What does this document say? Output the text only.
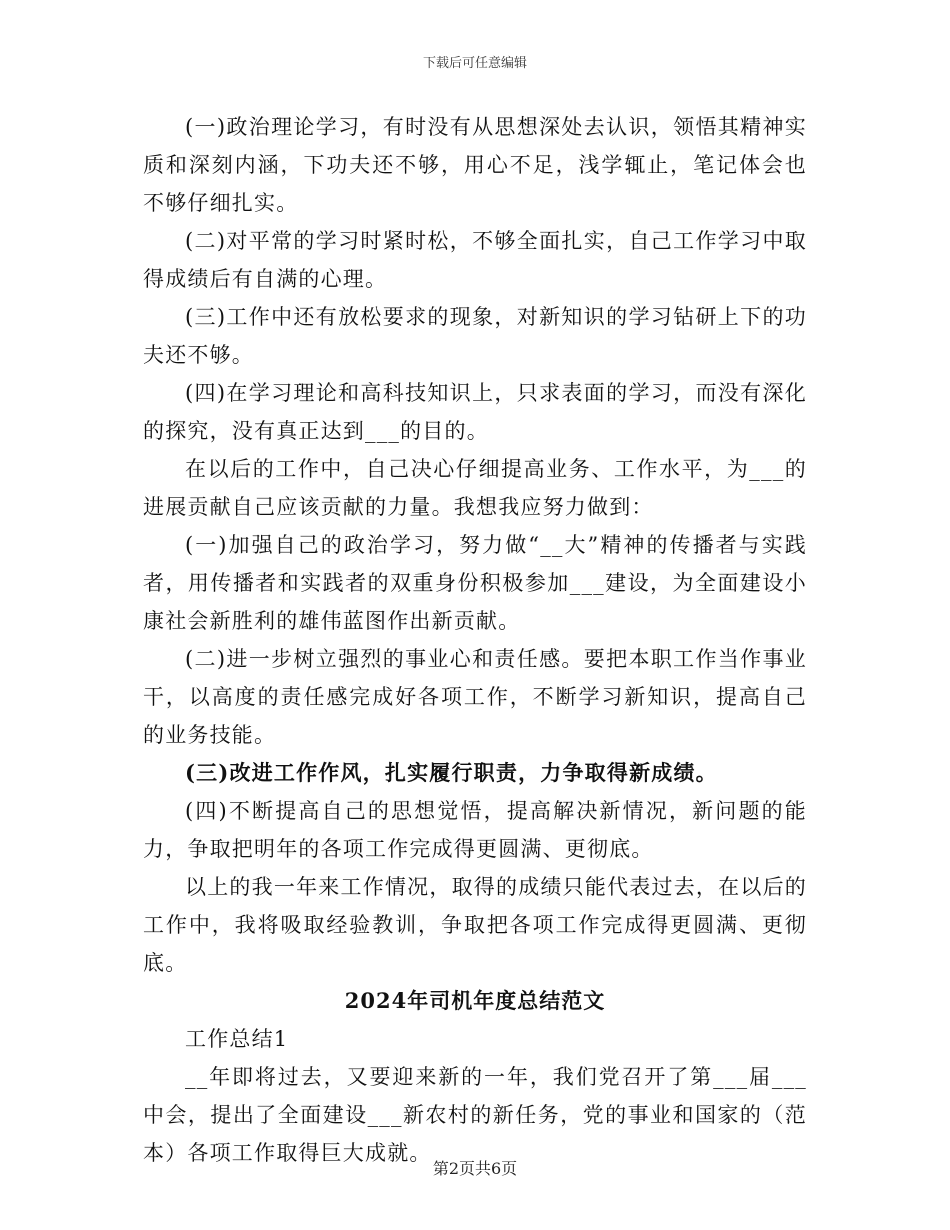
下载后可任意编辑

(一)政治理论学习，有时没有从思想深处去认识，领悟其精神实质和深刻内涵，下功夫还不够，用心不足，浅学辄止，笔记体会也不够仔细扎实。

(二)对平常的学习时紧时松，不够全面扎实，自己工作学习中取得成绩后有自满的心理。

(三)工作中还有放松要求的现象，对新知识的学习钻研上下的功夫还不够。

(四)在学习理论和高科技知识上，只求表面的学习，而没有深化的探究，没有真正达到___的目的。

在以后的工作中，自己决心仔细提高业务、工作水平，为___的进展贡献自己应该贡献的力量。我想我应努力做到：

(一)加强自己的政治学习，努力做“__大”精神的传播者与实践者，用传播者和实践者的双重身份积极参加___建设，为全面建设小康社会新胜利的雄伟蓝图作出新贡献。

(二)进一步树立强烈的事业心和责任感。要把本职工作当作事业干，以高度的责任感完成好各项工作，不断学习新知识，提高自己的业务技能。

(三)改进工作作风，扎实履行职责，力争取得新成绩。

(四)不断提高自己的思想觉悟，提高解决新情况，新问题的能力，争取把明年的各项工作完成得更圆满、更彻底。

以上的我一年来工作情况，取得的成绩只能代表过去，在以后的工作中，我将吸取经验教训，争取把各项工作完成得更圆满、更彻底。

2024年司机年度总结范文

工作总结1

__年即将过去，又要迎来新的一年，我们党召开了第___届___中会，提出了全面建设___新农村的新任务，党的事业和国家的（范本）各项工作取得巨大成就。

第2页共6页
